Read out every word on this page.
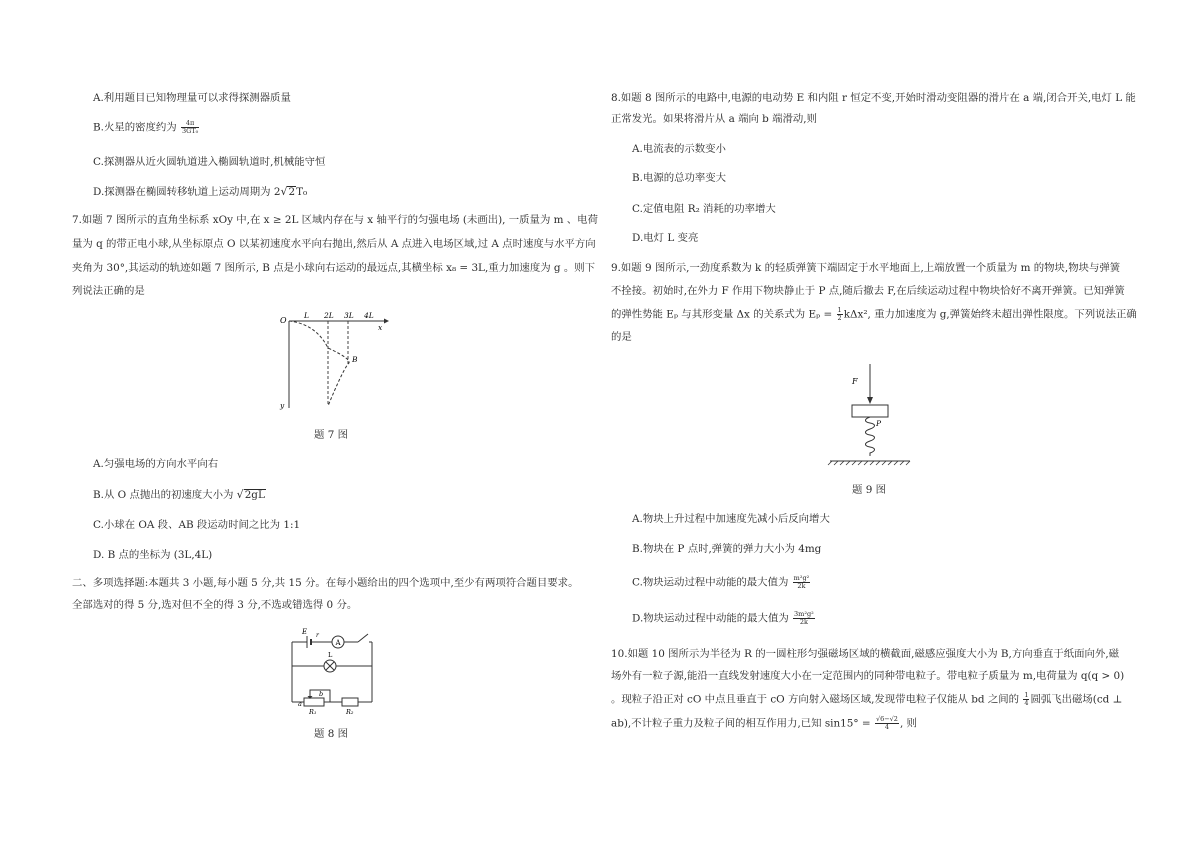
A.利用题目已知物理量可以求得探测器质量
B.火星的密度约为 $\frac{4\pi}{\text{3GT₀}}$
C.探测器从近火圆轨道进入椭圆轨道时,机械能守恒
D.探测器在椭圆转移轨道上运动周期为 2√2T₀
7.如题 7 图所示的直角坐标系 xOy 中,在 x ≥ 2L 区域内存在与 x 轴平行的匀强电场 (未画出), 一质量为 m 、电荷
量为 q 的带正电小球,从坐标原点 O 以某初速度水平向右抛出,然后从 A 点进入电场区域,过 A 点时速度与水平方向
夹角为 30°,其运动的轨迹如题 7 图所示, B 点是小球向右运动的最远点,其横坐标 x₈ = 3L,重力加速度为 g 。则下
列说法正确的是
O
L 2L 3L 4L
x
y
B
题 7 图
A.匀强电场的方向水平向右
B.从 O 点抛出的初速度大小为 √2gL
C.小球在 OA 段、AB 段运动时间之比为 1:1
D. B 点的坐标为 (3L,4L)
二、多项选择题:本题共 3 小题,每小题 5 分,共 15 分。在每小题给出的四个选项中,至少有两项符合题目要求。
全部选对的得 5 分,选对但不全的得 3 分,不选或错选得 0 分。
E r
A
L
a
b
R₁	R₂
题 8 图
8.如题 8 图所示的电路中,电源的电动势 E 和内阻 r 恒定不变,开始时滑动变阻器的滑片在 a 端,闭合开关,电灯 L 能
正常发光。如果将滑片从 a 端向 b 端滑动,则
A.电流表的示数变小
B.电源的总功率变大
C.定值电阻 R₂ 消耗的功率增大
D.电灯 L 变亮
9.如题 9 图所示,一劲度系数为 k 的轻质弹簧下端固定于水平地面上,上端放置一个质量为 m 的物块,物块与弹簧
不拴接。初始时,在外力 F 作用下物块静止于 P 点,随后撤去 F,在后续运动过程中物块恰好不离开弹簧。已知弹簧
的弹性势能 Eₚ 与其形变量 Δx 的关系式为 $E_p = \frac{1}{2} k\Delta x^2$, 重力加速度为 g,弹簧始终未超出弹性限度。下列说法正确
的是
F
P
题 9 图
A.物块上升过程中加速度先减小后反向增大
B.物块在 P 点时,弹簧的弹力大小为 4mg
C.物块运动过程中动能的最大值为 $\frac{\text{m²g²}}{2k}$
D.物块运动过程中动能的最大值为 $\frac{\text{3m²g²}}{2k}$
10.如题 10 图所示为半径为 R 的一圆柱形匀强磁场区域的横截面,磁感应强度大小为 B,方向垂直于纸面向外,磁
场外有一粒子源,能沿一直线发射速度大小在一定范围内的同种带电粒子。带电粒子质量为 m,电荷量为 q(q > 0)
。现粒子沿正对 cO 中点且垂直于 cO 方向射入磁场区域,发现带电粒子仅能从 bd 之间的 $\frac{1}{4}$ 圆弧飞出磁场(cd ⊥
ab),不计粒子重力及粒子间的相互作用力,已知 $\sin 15^\circ = \frac{√6-√2}{4}$ , 则
